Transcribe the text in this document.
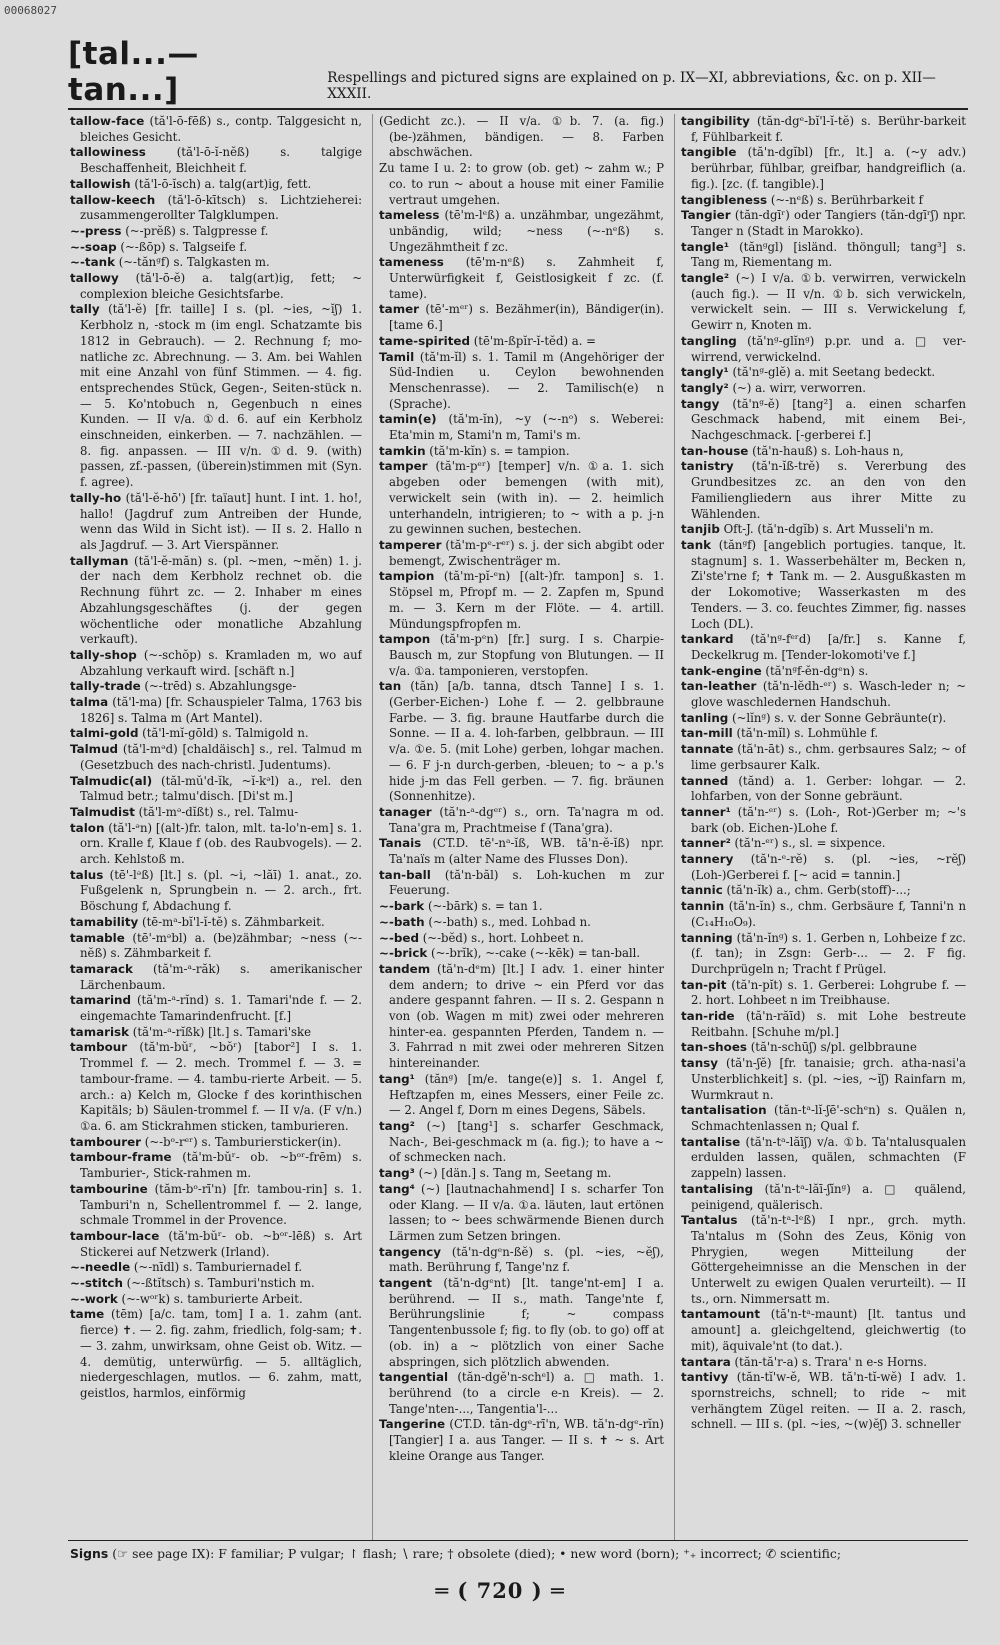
00068027
[tal...—tan...]	Respellings and pictured signs are explained on p. IX—XI, abbreviations, &c. on p. XII—XXXII.

tallow-face (tă'l-ō-fēß) s., contp. Talggesicht n, bleiches Gesicht.

tallowiness	(tă'l-ō-ĭ-nĕß) s. talgige Beschaffenheit, Bleichheit f.

tallowish (tă'l-ō-ĭsch) a. talg(art)ig, fett.

tallow-keech (tă'l-ō-kītsch) s. Lichtzieherei: zusammengerollter Talgklumpen.

~-press (~-prĕß) s. Talgpresse f.

~-soap (~-ßōp) s. Talgseife f.

~-tank (~-tănᵍf) s. Talgkasten m.

tallowy (tă'l-ō-ĕ) a. talg(art)ig, fett; ~ complexion bleiche Gesichtsfarbe.

tally (tă'l-ĕ) [fr. taille] I s. (pl. ~ies, ~ĭʃ) 1. Kerbholz n, -stock m (im engl. Schatzamte bis 1812 in Gebrauch). — 2. Rechnung f; mo-natliche zc. Abrechnung. — 3. Am. bei Wahlen mit eine Anzahl von fünf Stimmen. — 4. fig. entsprechendes Stück, Gegen-, Seiten-stück n. — 5. Ko'ntobuch n, Gegenbuch n eines Kunden. — II v/a. ①d. 6. auf ein Kerbholz einschneiden, einkerben. — 7. nachzählen. — 8. fig. anpassen. — III v/n. ①d. 9. (with) passen, zf.-passen, (überein)stimmen mit (Syn. f. agree).

tally-ho (tă'l-ĕ-hō') [fr. taïaut] hunt. I int. 1. ho!, hallo! (Jagdruf zum Antreiben der Hunde, wenn das Wild in Sicht ist). — II s. 2. Hallo n als Jagdruf. — 3. Art Vierspänner.

tallyman (tă'l-ĕ-măn) s. (pl. ~men, ~mĕn) 1. j. der nach dem Kerbholz rechnet ob. die Rechnung führt zc. — 2. Inhaber m eines Abzahlungsgeschäftes (j. der gegen wöchentliche oder monatliche Abzahlung verkauft).

tally-shop (~-schŏp) s. Kramladen m, wo auf Abzahlung verkauft wird. [schäft n.]

tally-trade (~-trēd) s. Abzahlungsge-

talma (tă'l-ma) [fr. Schauspieler Talma, 1763 bis 1826] s. Talma m (Art Mantel).

talmi-gold (tă'l-mĭ-gōld) s. Talmigold n.

Talmud (tă'l-mᵊd) [chaldäisch] s., rel. Talmud m (Gesetzbuch des nach-christl. Judentums).

Talmudic(al) (tăl-mŭ'd-ĭk, ~ĭ-kᵊl) a., rel. den Talmud betr.; talmu'disch. [Di'st m.]

Talmudist (tă'l-mᵊ-dĭßt) s., rel. Talmu-

talon (tă'l-ᵊn) [(alt-)fr. talon, mlt. ta-lo'n-em] s. 1. orn. Kralle f, Klaue f (ob. des Raubvogels). — 2. arch. Kehlstoß m.

talus (tē'-lᵊß) [lt.] s. (pl. ~i, ~lăī) 1. anat., zo. Fußgelenk n, Sprungbein n. — 2. arch., frt. Böschung f, Abdachung f.

tamability (tē-mᵃ-bĭ'l-ĭ-tĕ) s. Zähmbarkeit.

tamable (tē'-mᵊbl) a. (be)zähmbar; ~ness (~-nĕß) s. Zähmbarkeit f.

tamarack (tă'm-ᵃ-răk) s. amerikanischer Lärchenbaum.

tamarind (tă'm-ᵃ-rĭnd) s. 1. Tamari'nde f. — 2. eingemachte Tamarindenfrucht. [f.]

tamarisk (tă'm-ᵃ-rĭßk) [lt.] s. Tamari'ske

tambour (tă'm-bŭʳ, ~bŏʳ) [tabor²] I s. 1. Trommel f. — 2. mech. Trommel f. — 3. = tambour-frame. — 4. tambu-rierte Arbeit. — 5. arch.: a) Kelch m, Glocke f des korinthischen Kapitäls; b) Säulen-trommel f. — II v/a. (F v/n.) ①a. 6. am Stickrahmen sticken, tamburieren.

tambourer (~-bᵒ-rᵉʳ) s. Tamburiersticker(in).

tambour-frame (tă'm-bŭʳ- ob. ~bᵒʳ-frēm) s. Tamburier-, Stick-rahmen m.

tambourine (tăm-bᵒ-rī'n) [fr. tambou-rin] s. 1. Tamburi'n n, Schellentrommel f. — 2. lange, schmale Trommel in der Provence.

tambour-lace (tă'm-bŭʳ- ob. ~bᵒʳ-lēß) s. Art Stickerei auf Netzwerk (Irland).

~-needle (~-nīdl) s. Tamburiernadel f.

~-stitch (~-ßtĭtsch) s. Tamburi'nstich m.

~-work (~-wᵒʳk) s. tamburierte Arbeit.

tame (tēm) [a/c. tam, tom] I a. 1. zahm (ant. fierce) ✝. — 2. fig. zahm, friedlich, folg-sam; ✝. — 3. zahm, unwirksam, ohne Geist ob. Witz. — 4. demütig, unterwürfig. — 5. alltäglich, niedergeschlagen, mutlos. — 6. zahm, matt, geistlos, harmlos, einförmig

(Gedicht zc.). — II v/a. ①b. 7. (a. fig.) (be-)zähmen, bändigen. — 8. Farben abschwächen.

Zu tame I u. 2: to grow (ob. get) ~ zahm w.; P co. to run ~ about a house mit einer Familie vertraut umgehen.

tameless (tē'm-lᵉß) a. unzähmbar, ungezähmt, unbändig, wild; ~ness (~-nᵉß) s. Ungezähmtheit f zc.

tameness (tē'm-nᵉß) s. Zahmheit f, Unterwürfigkeit f, Geistlosigkeit f zc. (f. tame).

tamer (tē'-mᵉʳ) s. Bezähmer(in), Bändiger(in). [tame 6.]

tame-spirited (tē'm-ßpĭr-ĭ-tĕd) a. =

Tamil (tă'm-ĭl) s. 1. Tamil m (Angehöriger der Süd-Indien u. Ceylon bewohnenden Menschenrasse). — 2. Tamilisch(e) n (Sprache).

tamin(e) (tă'm-ĭn), ~y (~-nᵒ) s. Weberei: Eta'min m, Stami'n m, Tami's m.

tamkin (tă'm-kĭn) s. = tampion.

tamper (tă'm-pᵉʳ) [temper] v/n. ①a. 1. sich abgeben oder bemengen (with mit), verwickelt sein (with in). — 2. heimlich unterhandeln, intrigieren; to ~ with a p. j-n zu gewinnen suchen, bestechen.

tamperer (tă'm-pᵉ-rᵉʳ) s. j. der sich abgibt oder bemengt, Zwischenträger m.

tampion (tă'm-pĭ-ᵉn) [(alt-)fr. tampon] s. 1. Stöpsel m, Pfropf m. — 2. Zapfen m, Spund m. — 3. Kern m der Flöte. — 4. artill. Mündungspfropfen m.

tampon (tă'm-pᵉn) [fr.] surg. I s. Charpie-Bausch m, zur Stopfung von Blutungen. — II v/a. ①a. tamponieren, verstopfen.

tan (tăn) [a/b. tanna, dtsch Tanne] I s. 1. (Gerber-Eichen-) Lohe f. — 2. gelbbraune Farbe. — 3. fig. braune Hautfarbe durch die Sonne. — II a. 4. loh-farben, gelbbraun. — III v/a. ①e. 5. (mit Lohe) gerben, lohgar machen. — 6. F j-n durch-gerben, -bleuen; to ~ a p.'s hide j-m das Fell gerben. — 7. fig. bräunen (Sonnenhitze).

tanager (tă'n-ᵃ-dgᵉʳ) s., orn. Ta'nagra m od. Tana'gra m, Prachtmeise f (Tana'gra).

Tanais (CT.D. tē'-nᵃ-ĭß, WB. tă'n-ĕ-ĭß) npr. Ta'naïs m (alter Name des Flusses Don).

tan-ball (tă'n-băl) s. Loh-kuchen m zur Feuerung.

~-bark (~-bārk) s. = tan 1.

~-bath (~-bath) s., med. Lohbad n.

~-bed (~-bĕd) s., hort. Lohbeet n.

~-brick (~-brĭk), ~-cake (~-kēk) = tan-ball.

tandem (tă'n-dᵉm) [lt.] I adv. 1. einer hinter dem andern; to drive ~ ein Pferd vor das andere gespannt fahren. — II s. 2. Gespann n von (ob. Wagen m mit) zwei oder mehreren hinter-ea. gespannten Pferden, Tandem n. — 3. Fahrrad n mit zwei oder mehreren Sitzen hintereinander.

tang¹ (tănᵍ) [m/e. tange(e)] s. 1. Angel f, Heftzapfen m, eines Messers, einer Feile zc. — 2. Angel f, Dorn m eines Degens, Säbels.

tang² (~) [tang¹] s. scharfer Geschmack, Nach-, Bei-geschmack m (a. fig.); to have a ~ of schmecken nach.

tang³ (~) [dän.] s. Tang m, Seetang m.

tang⁴ (~) [lautnachahmend] I s. scharfer Ton oder Klang. — II v/a. ①a. läuten, laut ertönen lassen; to ~ bees schwärmende Bienen durch Lärmen zum Setzen bringen.

tangency (tă'n-dgᵉn-ßĕ) s. (pl. ~ies, ~ĕʃ), math. Berührung f, Tange'nz f.

tangent (tă'n-dgᵉnt) [lt. tange'nt-em] I a. berührend. — II s., math. Tange'nte f, Berührungslinie f; ~ compass Tangentenbussole f; fig. to fly (ob. to go) off at (ob. in) a ~ plötzlich von einer Sache abspringen, sich plötzlich abwenden.

tangential (tăn-dgĕ'n-schᵉl) a. □ math. 1. berührend (to a circle e-n Kreis). — 2. Tange'nten-..., Tangentia'l-...

Tangerine (CT.D. tăn-dgᵉ-rī'n, WB. tă'n-dgᵉ-rĭn) [Tangier] I a. aus Tanger. — II s. ✝ ~ s. Art kleine Orange aus Tanger.

tangibility (tăn-dgᵉ-bĭ'l-ĭ-tĕ) s. Berühr-barkeit f, Fühlbarkeit f.

tangible (tă'n-dgĭbl) [fr., lt.] a. (~y adv.) berührbar, fühlbar, greifbar, handgreiflich (a. fig.). [zc. (f. tangible).]

tangibleness (~-nᵉß) s. Berührbarkeit f

Tangier (tăn-dgīʳ) oder Tangiers (tăn-dgīʳʃ) npr. Tanger n (Stadt in Marokko).

tangle¹ (tănᵍgl) [isländ. thöngull; tang³] s. Tang m, Riementang m.

tangle² (~) I v/a. ①b. verwirren, verwickeln (auch fig.). — II v/n. ①b. sich verwickeln, verwickelt sein. — III s. Verwickelung f, Gewirr n, Knoten m.

tangling (tă'nᵍ-glĭnᵍ) p.pr. und a. □ ver-wirrend, verwickelnd.

tangly¹ (tă'nᵍ-glĕ) a. mit Seetang bedeckt.

tangly² (~) a. wirr, verworren.

tangy (tă'nᵍ-ĕ) [tang²] a. einen scharfen Geschmack habend, mit einem Bei-, Nachgeschmack. [-gerberei f.]

tan-house (tă'n-hauß) s. Loh-haus n,

tanistry (tă'n-ĭß-trĕ) s. Vererbung des Grundbesitzes zc. an den von den Familiengliedern aus ihrer Mitte zu Wählenden.

tanjib Oft-J. (tă'n-dgĭb) s. Art Musseli'n m.

tank (tănᵍf) [angeblich portugies. tanque, lt. stagnum] s. 1. Wasserbehälter m, Becken n, Zi'ste'rne f; ✝ Tank m. — 2. Ausgußkasten m der Lokomotive; Wasserkasten m des Tenders. — 3. co. feuchtes Zimmer, fig. nasses Loch (DL).

tankard (tă'nᵍ-fᵉʳd) [a/fr.] s. Kanne f, Deckelkrug m. [Tender-lokomoti've f.]

tank-engine (tă'nᵍf-ĕn-dgᵉn) s.

tan-leather (tă'n-lĕdh-ᵉʳ) s. Wasch-leder n; ~ glove waschledernen Handschuh.

tanling (~lĭnᵍ) s. v. der Sonne Gebräunte(r).

tan-mill (tă'n-mĭl) s. Lohmühle f.

tannate (tă'n-āt) s., chm. gerbsaures Salz; ~ of lime gerbsaurer Kalk.

tanned (tănd) a. 1. Gerber: lohgar. — 2. lohfarben, von der Sonne gebräunt.

tanner¹ (tă'n-ᵉʳ) s. (Loh-, Rot-)Gerber m; ~'s bark (ob. Eichen-)Lohe f.

tanner² (tă'n-ᵉʳ) s., sl. = sixpence.

tannery (tă'n-ᵉ-rĕ) s. (pl. ~ies, ~rĕʃ) (Loh-)Gerberei f. [~ acid = tannin.]

tannic (tă'n-ĭk) a., chm. Gerb(stoff)-...;

tannin (tă'n-ĭn) s., chm. Gerbsäure f, Tanni'n n (C₁₄H₁₀O₉).

tanning (tă'n-ĭnᵍ) s. 1. Gerben n, Lohbeize f zc. (f. tan); in Zsgn: Gerb-... — 2. F fig. Durchprügeln n; Tracht f Prügel.

tan-pit (tă'n-pĭt) s. 1. Gerberei: Lohgrube f. — 2. hort. Lohbeet n im Treibhause.

tan-ride (tă'n-răīd) s. mit Lohe bestreute Reitbahn. [Schuhe m/pl.]

tan-shoes (tă'n-schūʃ) s/pl. gelbbraune

tansy (tă'n-ʃĕ) [fr. tanaisie; grch. atha-nasi'a Unsterblichkeit] s. (pl. ~ies, ~ĭʃ) Rainfarn m, Wurmkraut n.

tantalisation (tăn-tᵃ-lĭ-ʃē'-schᵉn) s. Quälen n, Schmachtenlassen n; Qual f.

tantalise (tă'n-tᵃ-lăīʃ) v/a. ①b. Ta'ntalusqualen erdulden lassen, quälen, schmachten (F zappeln) lassen.

tantalising (tă'n-tᵃ-lăī-ʃĭnᵍ) a. □ quälend, peinigend, quälerisch.

Tantalus (tă'n-tᵃ-lᵉß) I npr., grch. myth. Ta'ntalus m (Sohn des Zeus, König von Phrygien, wegen Mitteilung der Göttergeheimnisse an die Menschen in der Unterwelt zu ewigen Qualen verurteilt). — II ts., orn. Nimmersatt m.

tantamount (tă'n-tᵃ-maunt) [lt. tantus und amount] a. gleichgeltend, gleichwertig (to mit), äquivale'nt (to dat.).

tantara (tăn-tă'r-a) s. Trara' n e-s Horns.

tantivy (tăn-tĭ'w-ĕ, WB. tă'n-tĭ-wĕ) I adv. 1. spornstreichs, schnell; to ride ~ mit verhängtem Zügel reiten. — II a. 2. rasch, schnell. — III s. (pl. ~ies, ~(w)ĕʃ) 3. schneller

Signs (☞ see page IX): F familiar; P vulgar; ↾ flash; ∖ rare; † obsolete (died); • new word (born); ⁺₊ incorrect; ✆ scientific;
═ ( 720 ) ═
